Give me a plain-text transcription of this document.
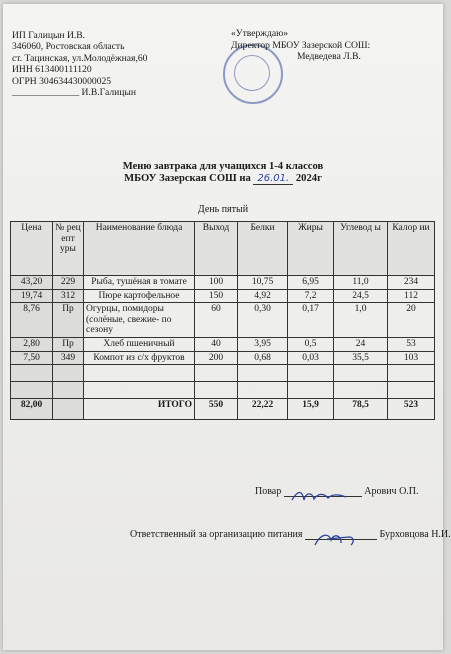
ИП Галицын И.В.
346060, Ростовская область
ст. Тацинская, ул.Молодёжная,60
ИНН 613400111120
ОГРН 304634430000025
______________ И.В.Галицын
«Утверждаю»
Директор МБОУ Зазерской СОШ:
Медведева Л.В.
Меню завтрака для учащихся 1-4 классов
МБОУ Зазерская СОШ на 26.01. 2024г
День пятый
Цена	№ рец епт уры	Наименование блюда	Выход	Белки	Жиры	Углевод ы	Калор ии
43,20	229	Рыба, тушёная в томате	100	10,75	6,95	11,0	234
19,74	312	Пюре картофельное	150	4,92	7,2	24,5	112
8,76	Пр	Огурцы, помидоры (солёные, свежие- по сезону	60	0,30	0,17	1,0	20
2,80	Пр	Хлеб пшеничный	40	3,95	0,5	24	53
7,50	349	Компот из с/х фруктов	200	0,68	0,03	35,5	103

82,00		ИТОГО	550	22,22	15,9	78,5	523
Повар	Арович О.П.
Ответственный за организацию питания	Бурховцова Н.И.
